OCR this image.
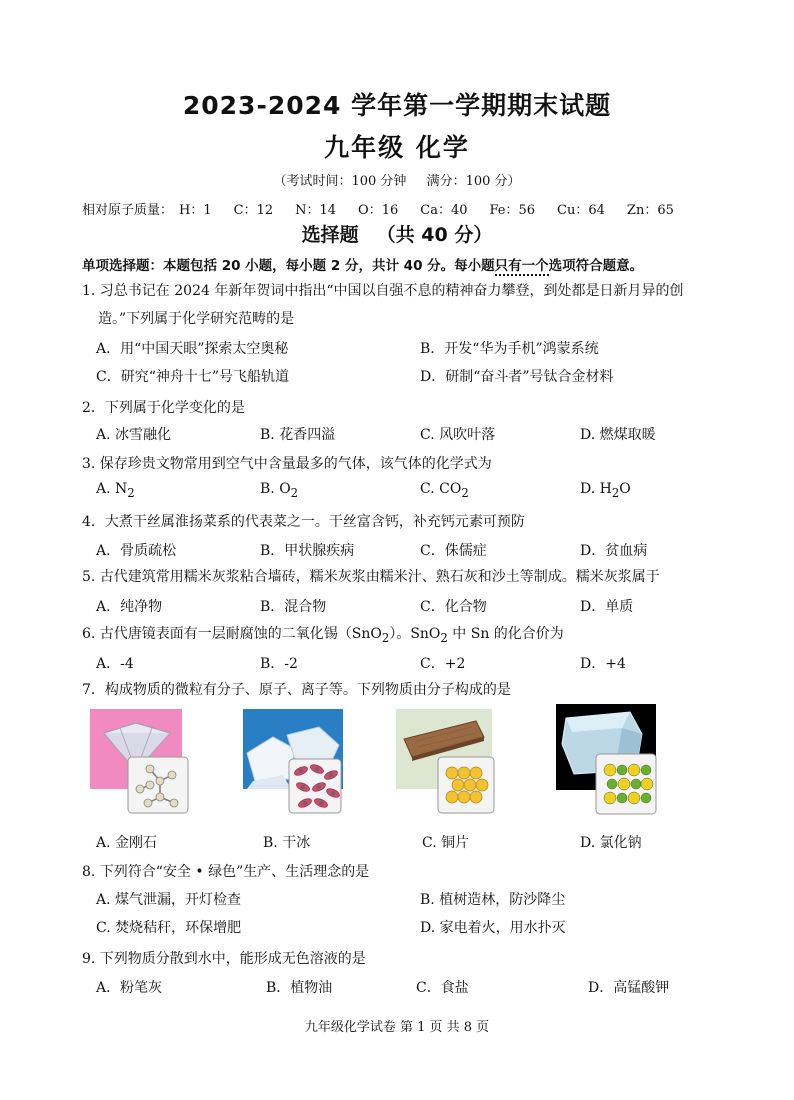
2023-2024 学年第一学期期末试题
九年级 化学
（考试时间：100 分钟 满分：100 分）
相对原子质量： H：1 C：12 N：14 O：16 Ca：40 Fe：56 Cu：64 Zn：65
选择题 （共 40 分）
单项选择题：本题包括 20 小题，每小题 2 分，共计 40 分。每小题只有一个选项符合题意。
1. 习总书记在 2024 年新年贺词中指出“中国以自强不息的精神奋力攀登，到处都是日新月异的创
造。”下列属于化学研究范畴的是
A．用“中国天眼”探索太空奥秘	B．开发“华为手机”鸿蒙系统
C．研究“神舟十七”号飞船轨道	D．研制“奋斗者”号钛合金材料
2．下列属于化学变化的是
A. 冰雪融化	B. 花香四溢	C. 风吹叶落	D. 燃煤取暖
3. 保存珍贵文物常用到空气中含量最多的气体，该气体的化学式为
A. $N_2$	B. $O_2$	C. $CO_2$	D. $H_2O$
4．大煮干丝属淮扬菜系的代表菜之一。干丝富含钙，补充钙元素可预防
A．骨质疏松	B．甲状腺疾病	C．侏儒症	D．贫血病
5. 古代建筑常用糯米灰浆粘合墙砖，糯米灰浆由糯米汁、熟石灰和沙土等制成。糯米灰浆属于
A．纯净物	B．混合物	C．化合物	D．单质
6. 古代唐镜表面有一层耐腐蚀的二氧化锡（SnO$_2$）。SnO$_2$ 中 Sn 的化合价为
A．-4	B．-2	C．+2	D．+4
7．构成物质的微粒有分子、原子、离子等。下列物质由分子构成的是
A. 金刚石	B. 干冰	C. 铜片	D. 氯化钠
8. 下列符合“安全 • 绿色”生产、生活理念的是
A. 煤气泄漏，开灯检查	B. 植树造林，防沙降尘
C. 焚烧秸秆，环保增肥	D. 家电着火，用水扑灭
9. 下列物质分散到水中，能形成无色溶液的是
A．粉笔灰	B．植物油	C．食盐	D．高锰酸钾
九年级化学试卷 第 1 页 共 8 页
